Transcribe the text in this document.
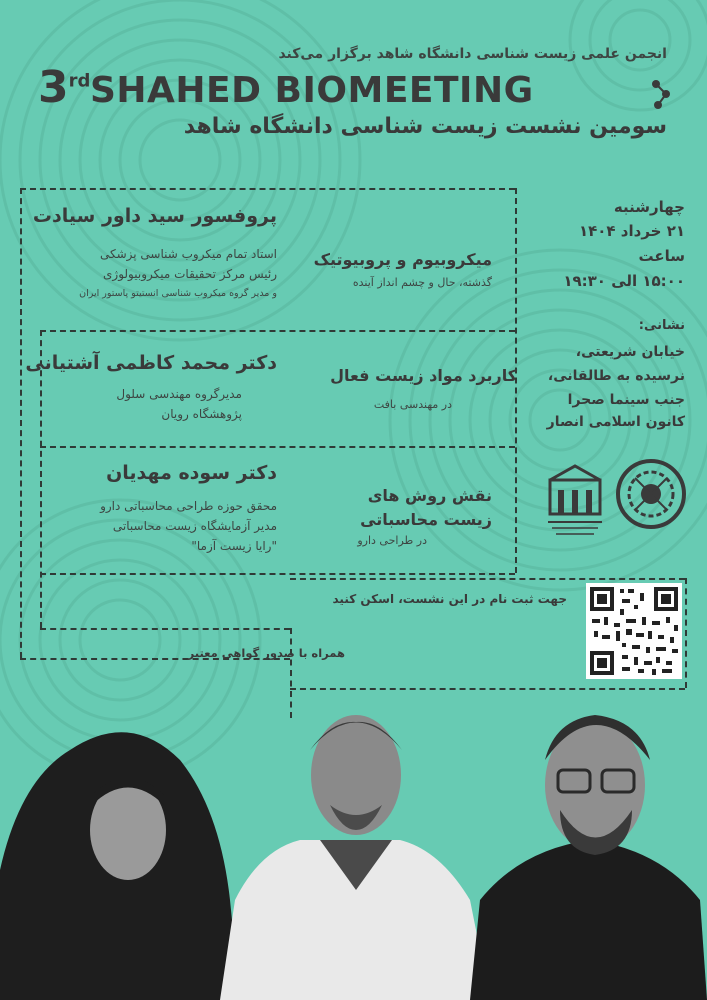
انجمن علمی زیست شناسی دانشگاه شاهد برگزار می‌کند
3rd SHAHED BIOMEETING
سومین نشست زیست شناسی دانشگاه شاهد
پروفسور سید داور سیادت
استاد تمام میکروب شناسی پزشکی
رئیس مرکز تحقیقات میکروبیولوژی
و مدیر گروه میکروب شناسی انستیتو پاستور ایران
میکروبیوم و پروبیوتیک
گذشته، حال و چشم انداز آینده
دکتر محمد کاظمی آشتیانی
مدیرگروه مهندسی سلول
پژوهشگاه رویان
کاربرد مواد زیست فعال
در مهندسی بافت
دکتر سوده مهدیان
محقق حوزه طراحی محاسباتی دارو
مدیر آزمایشگاه زیست محاسباتی
"رایا زیست آزما"
نقش روش های
زیست محاسباتی
در طراحی دارو
چهارشنبه
۲۱ خرداد ۱۴۰۴
ساعت
۱۵:۰۰ الی ۱۹:۳۰
نشانی:
خیابان شریعتی،
نرسیده به طالقانی،
جنب سینما صحرا
کانون اسلامی انصار
جهت ثبت نام در این نشست، اسکن کنید
همراه با صدور گواهی معتبر
